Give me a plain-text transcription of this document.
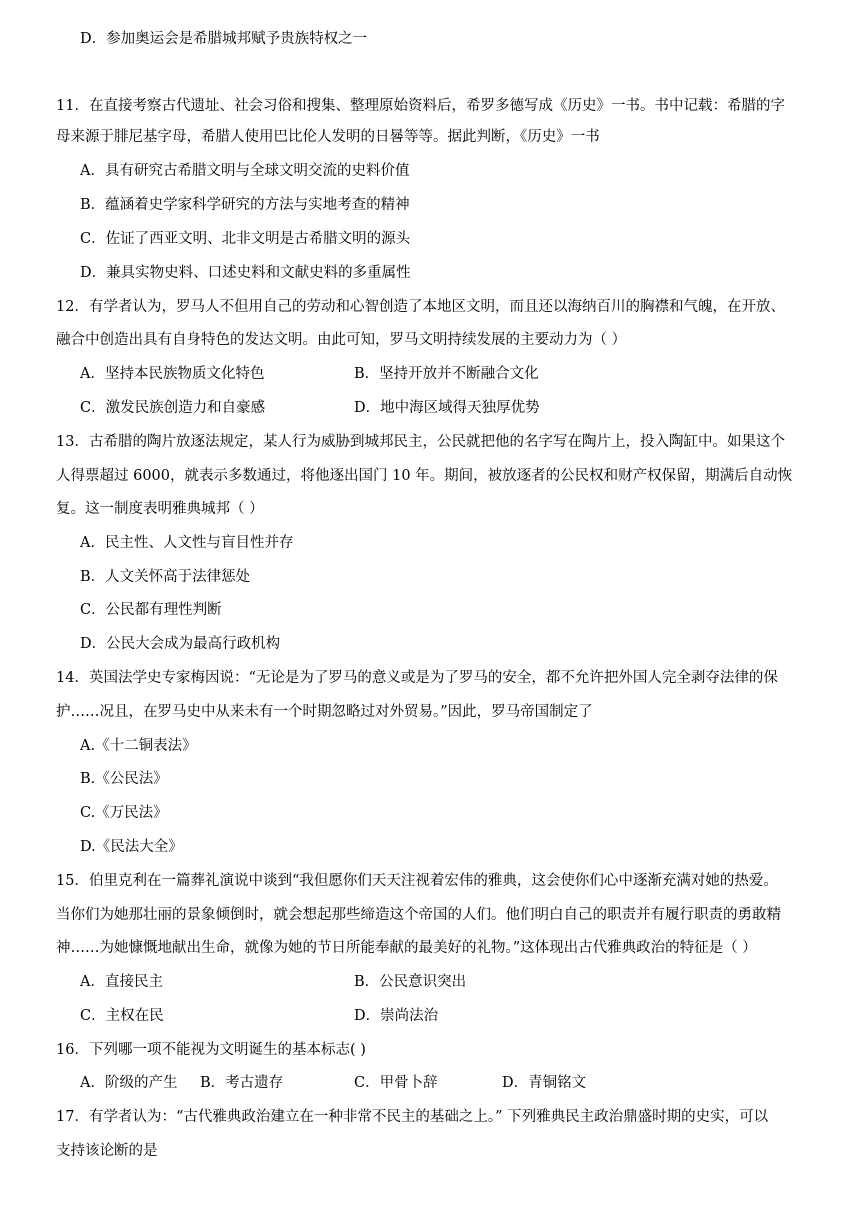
D．参加奥运会是希腊城邦赋予贵族特权之一
11．在直接考察古代遗址、社会习俗和搜集、整理原始资料后，希罗多德写成《历史》一书。书中记载：希腊的字
母来源于腓尼基字母，希腊人使用巴比伦人发明的日晷等等。据此判断，《历史》一书
A．具有研究古希腊文明与全球文明交流的史料价值
B．蕴涵着史学家科学研究的方法与实地考查的精神
C．佐证了西亚文明、北非文明是古希腊文明的源头
D．兼具实物史料、口述史料和文献史料的多重属性
12．有学者认为，罗马人不但用自己的劳动和心智创造了本地区文明，而且还以海纳百川的胸襟和气魄，在开放、
融合中创造出具有自身特色的发达文明。由此可知，罗马文明持续发展的主要动力为（ ）
A．坚持本民族物质文化特色	B．坚持开放并不断融合文化
C．激发民族创造力和自豪感	D．地中海区域得天独厚优势
13．古希腊的陶片放逐法规定，某人行为威胁到城邦民主，公民就把他的名字写在陶片上，投入陶缸中。如果这个
人得票超过 6000，就表示多数通过，将他逐出国门 10 年。期间，被放逐者的公民权和财产权保留，期满后自动恢
复。这一制度表明雅典城邦（ ）
A．民主性、人文性与盲目性并存
B．人文关怀高于法律惩处
C．公民都有理性判断
D．公民大会成为最高行政机构
14．英国法学史专家梅因说：“无论是为了罗马的意义或是为了罗马的安全，都不允许把外国人完全剥夺法律的保
护……况且，在罗马史中从来未有一个时期忽略过对外贸易。”因此，罗马帝国制定了
A.《十二铜表法》
B.《公民法》
C.《万民法》
D.《民法大全》
15．伯里克利在一篇葬礼演说中谈到“我但愿你们天天注视着宏伟的雅典，这会使你们心中逐渐充满对她的热爱。
当你们为她那壮丽的景象倾倒时，就会想起那些缔造这个帝国的人们。他们明白自己的职责并有履行职责的勇敢精
神……为她慷慨地献出生命，就像为她的节日所能奉献的最美好的礼物。”这体现出古代雅典政治的特征是（ ）
A．直接民主	B．公民意识突出
C．主权在民	D．崇尚法治
16．下列哪一项不能视为文明诞生的基本标志( )
A．阶级的产生 B．考古遗存	C．甲骨卜辞	D．青铜铭文
17．有学者认为：“古代雅典政治建立在一种非常不民主的基础之上。” 下列雅典民主政治鼎盛时期的史实，可以
支持该论断的是
